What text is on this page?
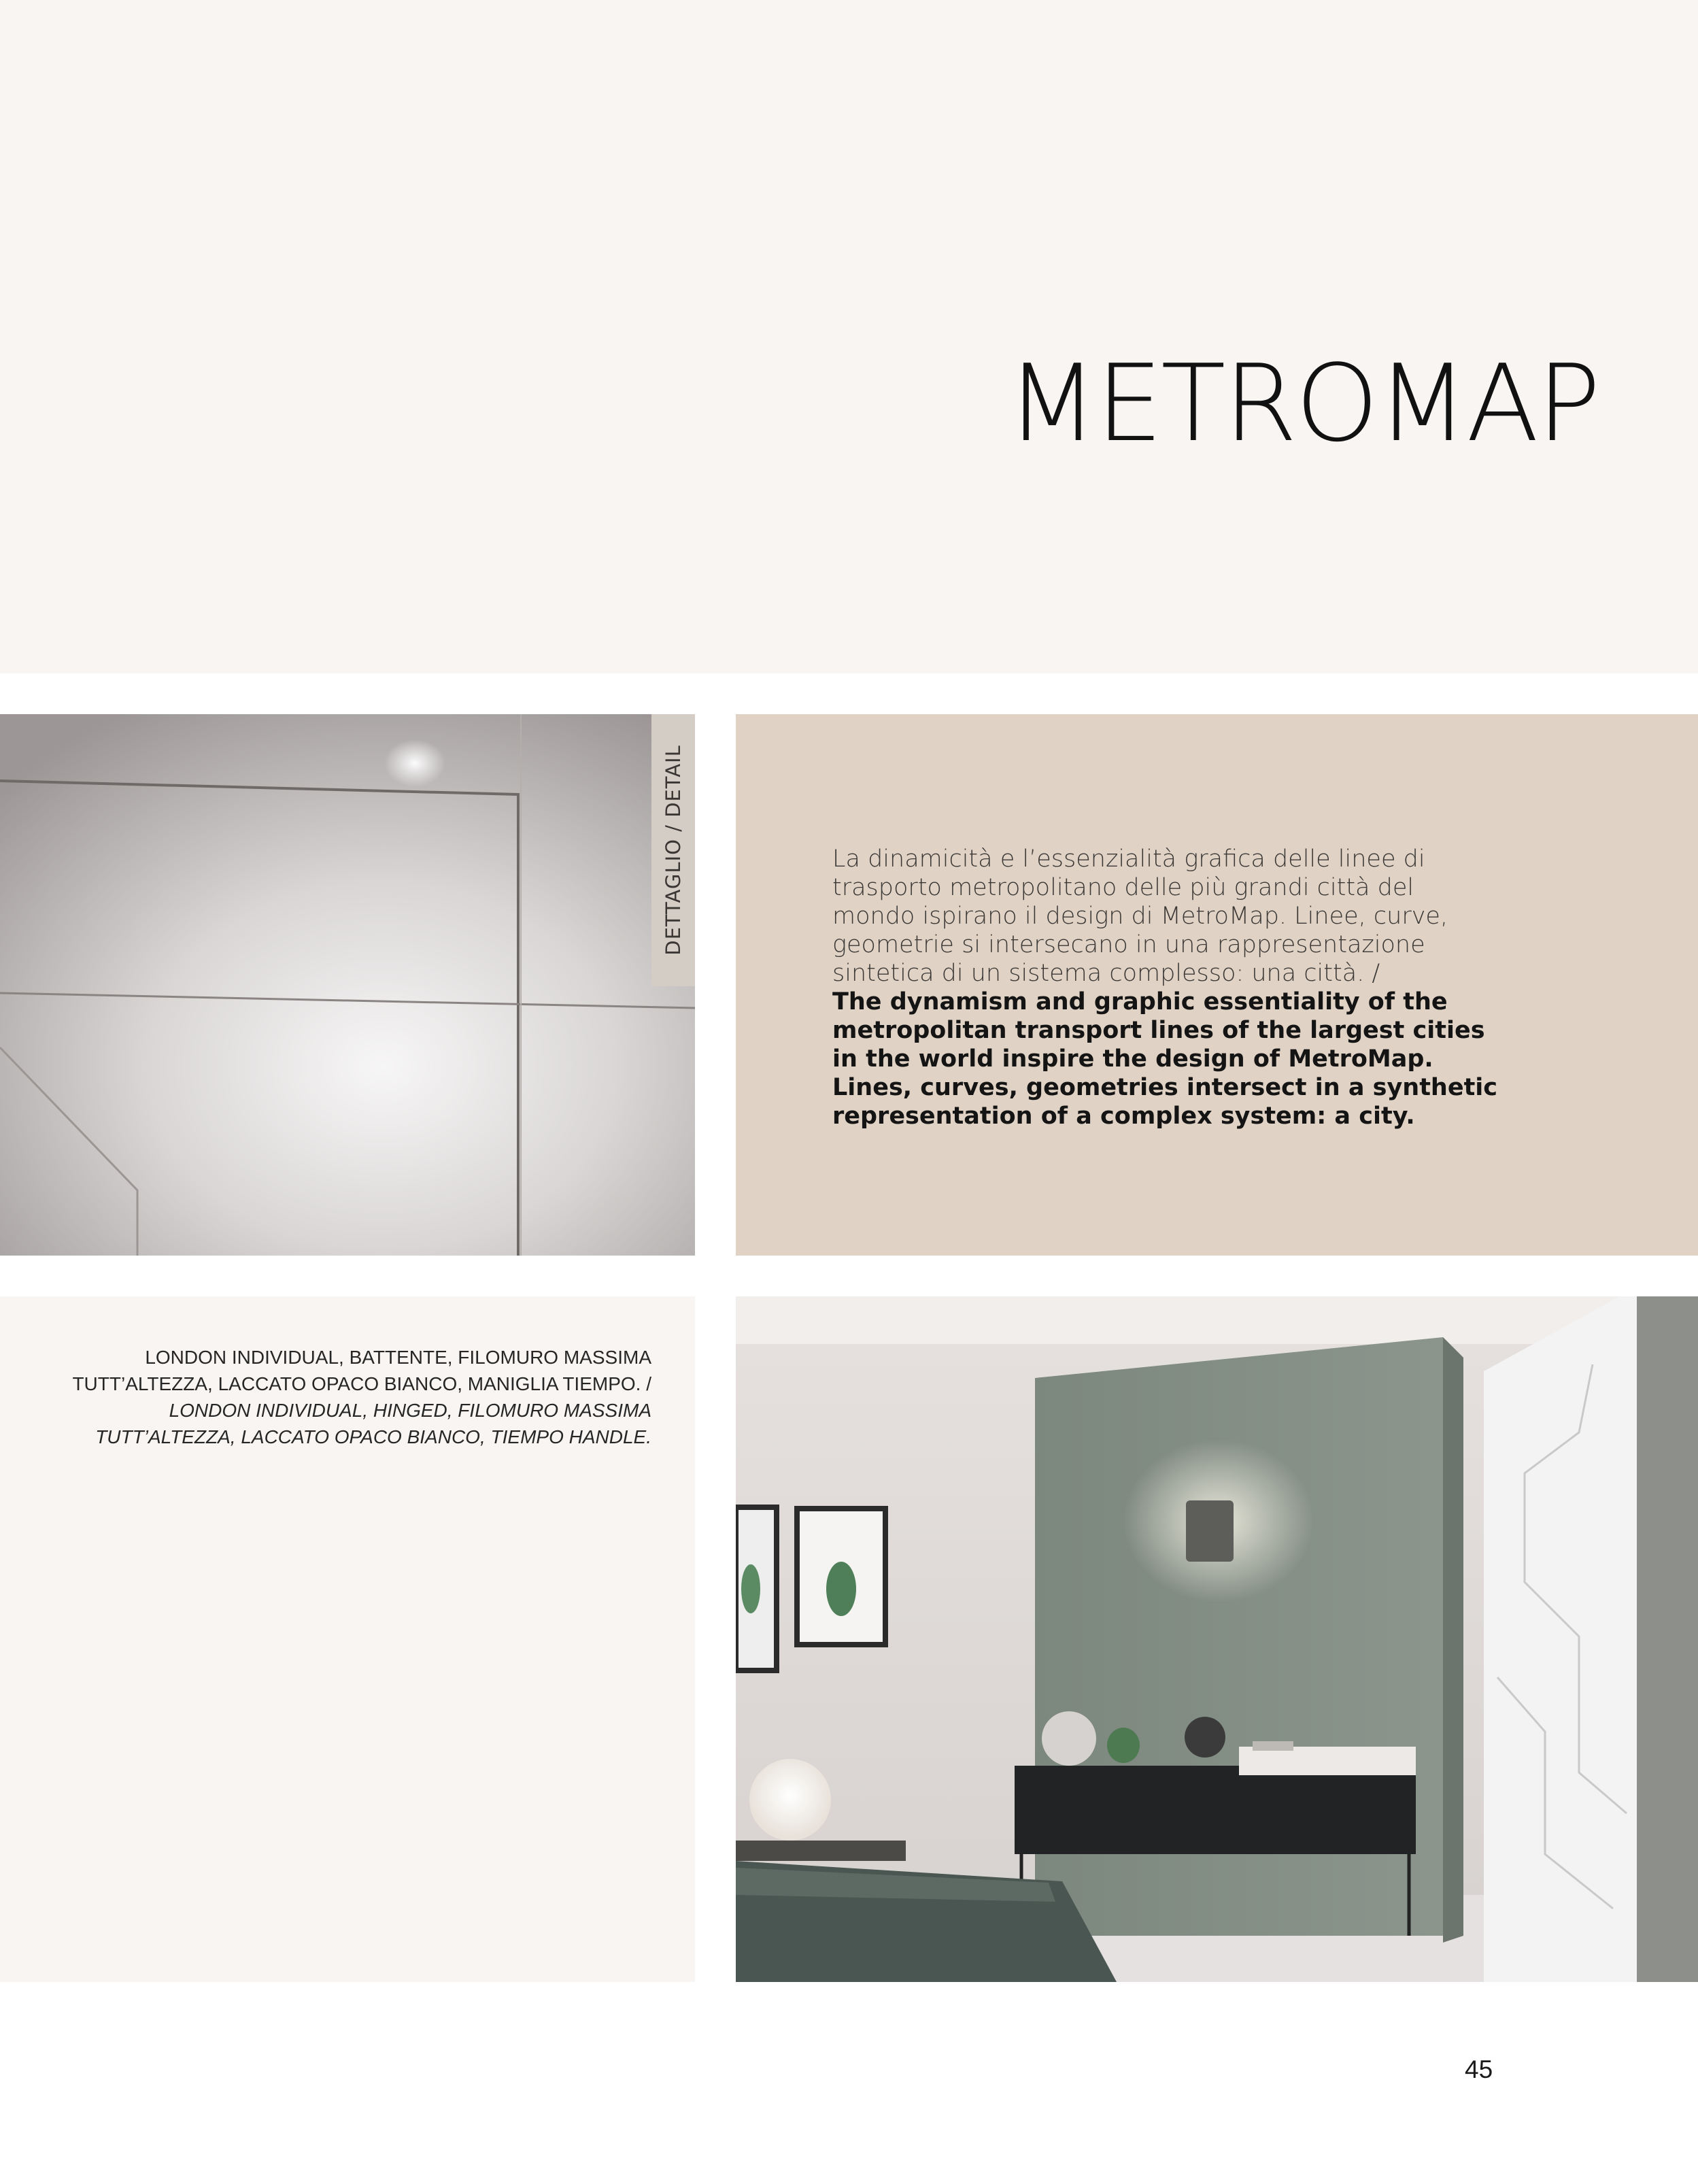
METROMAP
DETTAGLIO / DETAIL	La dinamicità e l’essenzialità grafica delle linee di trasporto metropolitano delle più grandi città del mondo ispirano il design di MetroMap. Linee, curve, geometrie si intersecano in una rappresentazione sintetica di un sistema complesso: una città. /
The dynamism and graphic essentiality of the metropolitan transport lines of the largest cities in the world inspire the design of MetroMap. Lines, curves, geometries intersect in a synthetic representation of a complex system: a city.
LONDON INDIVIDUAL, BATTENTE, FILOMURO MASSIMA TUTT’ALTEZZA, LACCATO OPACO BIANCO, MANIGLIA TIEMPO. /
LONDON INDIVIDUAL, HINGED, FILOMURO MASSIMA TUTT’ALTEZZA, LACCATO OPACO BIANCO, TIEMPO HANDLE.
45
